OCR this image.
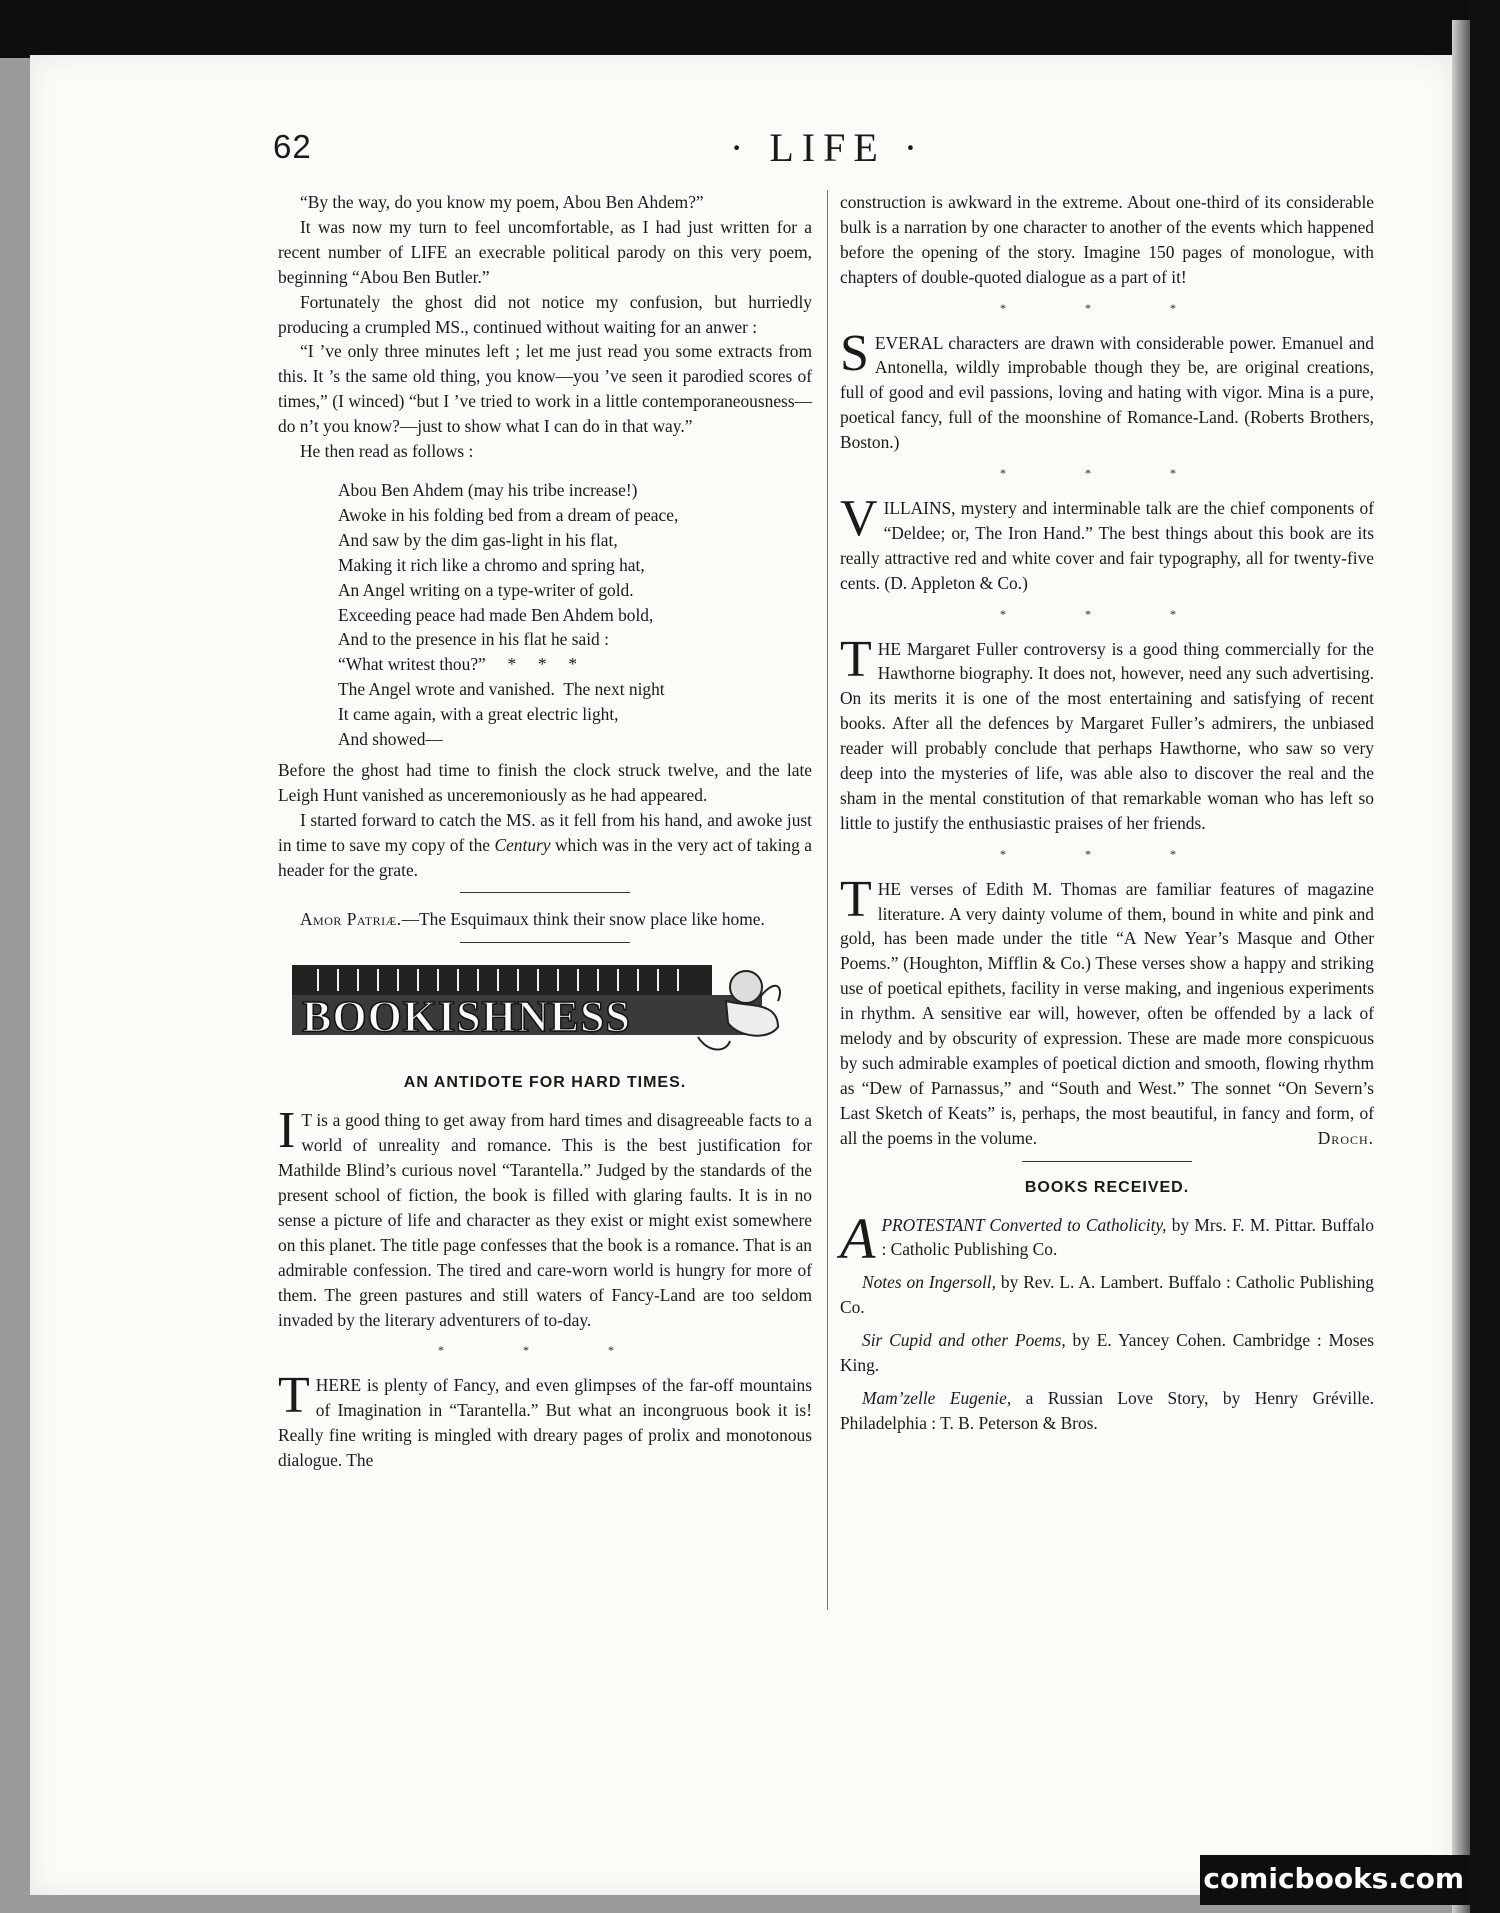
62	· LIFE ·

“By the way, do you know my poem, Abou Ben Ahdem?”

It was now my turn to feel uncomfortable, as I had just written for a recent number of LIFE an execrable political parody on this very poem, beginning “Abou Ben Butler.”

Fortunately the ghost did not notice my confusion, but hurriedly producing a crumpled MS., continued without waiting for an anwer :

“I ’ve only three minutes left ; let me just read you some extracts from this. It ’s the same old thing, you know—you ’ve seen it parodied scores of times,” (I winced) “but I ’ve tried to work in a little contemporaneousness—do n’t you know?—just to show what I can do in that way.”

He then read as follows :

Abou Ben Ahdem (may his tribe increase!)
Awoke in his folding bed from a dream of peace,
And saw by the dim gas-light in his flat,
Making it rich like a chromo and spring hat,
An Angel writing on a type-writer of gold.
Exceeding peace had made Ben Ahdem bold,
And to the presence in his flat he said :
“What writest thou?”     *     *     *
The Angel wrote and vanished.  The next night
It came again, with a great electric light,
And showed—

Before the ghost had time to finish the clock struck twelve, and the late Leigh Hunt vanished as unceremoniously as he had appeared.

I started forward to catch the MS. as it fell from his hand, and awoke just in time to save my copy of the Century which was in the very act of taking a header for the grate.

Amor Patriæ.—The Esquimaux think their snow place like home.

BOOKISHNESS
AN ANTIDOTE FOR HARD TIMES.

I T is a good thing to get away from hard times and disagreeable facts to a world of unreality and romance. This is the best justification for Mathilde Blind’s curious novel “Tarantella.” Judged by the standards of the present school of fiction, the book is filled with glaring faults. It is in no sense a picture of life and character as they exist or might exist somewhere on this planet. The title page confesses that the book is a romance. That is an admirable confession. The tired and care-worn world is hungry for more of them. The green pastures and still waters of Fancy-Land are too seldom invaded by the literary adventurers of to-day.

* * *

THERE is plenty of Fancy, and even glimpses of the far-off mountains of Imagination in “Tarantella.” But what an incongruous book it is! Really fine writing is mingled with dreary pages of prolix and monotonous dialogue. The

construction is awkward in the extreme. About one-third of its considerable bulk is a narration by one character to another of the events which happened before the opening of the story. Imagine 150 pages of monologue, with chapters of double-quoted dialogue as a part of it!

* * *

SEVERAL characters are drawn with considerable power. Emanuel and Antonella, wildly improbable though they be, are original creations, full of good and evil passions, loving and hating with vigor. Mina is a pure, poetical fancy, full of the moonshine of Romance-Land. (Roberts Brothers, Boston.)

* * *

VILLAINS, mystery and interminable talk are the chief components of “Deldee; or, The Iron Hand.” The best things about this book are its really attractive red and white cover and fair typography, all for twenty-five cents. (D. Appleton & Co.)

* * *

THE Margaret Fuller controversy is a good thing commercially for the Hawthorne biography. It does not, however, need any such advertising. On its merits it is one of the most entertaining and satisfying of recent books. After all the defences by Margaret Fuller’s admirers, the unbiased reader will probably conclude that perhaps Hawthorne, who saw so very deep into the mysteries of life, was able also to discover the real and the sham in the mental constitution of that remarkable woman who has left so little to justify the enthusiastic praises of her friends.

* * *

THE verses of Edith M. Thomas are familiar features of magazine literature. A very dainty volume of them, bound in white and pink and gold, has been made under the title “A New Year’s Masque and Other Poems.” (Houghton, Mifflin & Co.) These verses show a happy and striking use of poetical epithets, facility in verse making, and ingenious experiments in rhythm. A sensitive ear will, however, often be offended by a lack of melody and by obscurity of expression. These are made more conspicuous by such admirable examples of poetical diction and smooth, flowing rhythm as “Dew of Parnassus,” and “South and West.” The sonnet “On Severn’s Last Sketch of Keats” is, perhaps, the most beautiful, in fancy and form, of all the poems in the volume.	Droch.

BOOKS RECEIVED.

APROTESTANT Converted to Catholicity, by Mrs. F. M. Pittar. Buffalo : Catholic Publishing Co.

Notes on Ingersoll, by Rev. L. A. Lambert. Buffalo : Catholic Publishing Co.

Sir Cupid and other Poems, by E. Yancey Cohen. Cambridge : Moses King.

Mam’zelle Eugenie, a Russian Love Story, by Henry Gréville. Philadelphia : T. B. Peterson & Bros.

comicbooks.com
